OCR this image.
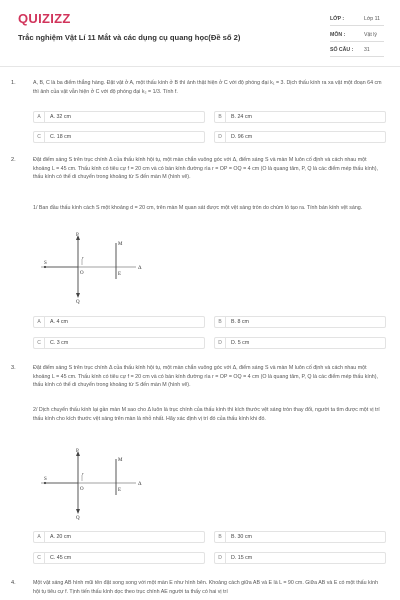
QUIZIZZ
Trắc nghiệm Vật Lí 11 Mắt và các dụng cụ quang học(Đề số 2)
LỚP :	Lớp 11
MÔN :	Vật lý
SỐ CÂU : 31
1.	A, B, C là ba điểm thẳng hàng. Đặt vật ở A, một thấu kính ở B thì ảnh thật hiện ở C với độ phóng đại k₁ = 3. Dịch thấu kính ra xa vật một đoạn 64 cm thì ảnh của vật vẫn hiện ở C với độ phóng đại k₂ = 1/3. Tính f.
A	A. 32 cm	B	B. 24 cm
C	C. 18 cm	D	D. 96 cm
2.	Đặt điểm sáng S trên trục chính Δ của thấu kính hội tụ, một màn chắn vuông góc với Δ, điểm sáng S và màn M luôn cố định và cách nhau một khoảng L = 45 cm. Thấu kính có tiêu cự f = 20 cm và có bán kính đường rìa r = OP = OQ = 4 cm (O là quang tâm, P, Q là các điểm mép thấu kính), thấu kính có thể di chuyển trong khoảng từ S đến màn M (hình vẽ).
1/ Ban đầu thấu kính cách S một khoảng d = 20 cm, trên màn M quan sát được một vệt sáng tròn do chùm ló tạo ra. Tính bán kính vệt sáng.
P
Q
O
S
M
E
r
Δ
A	A. 4 cm	B	B. 8 cm
C	C. 3 cm	D	D. 5 cm
3.	Đặt điểm sáng S trên trục chính Δ của thấu kính hội tụ, một màn chắn vuông góc với Δ, điểm sáng S và màn M luôn cố định và cách nhau một khoảng L = 45 cm. Thấu kính có tiêu cự f = 20 cm và có bán kính đường rìa r = OP = OQ = 4 cm (O là quang tâm, P, Q là các điểm mép thấu kính), thấu kính có thể di chuyển trong khoảng từ S đến màn M (hình vẽ).
2/ Dịch chuyển thấu kính lại gần màn M sao cho Δ luôn là trục chính của thấu kính thì kích thước vệt sáng tròn thay đổi, người ta tìm được một vị trí thấu kính cho kích thước vệt sáng trên màn là nhỏ nhất. Hãy xác định vị trí đó của thấu kính khi đó.
P
Q
O
S
M
E
r
Δ
A	A. 20 cm	B	B. 30 cm
C	C. 45 cm	D	D. 15 cm
4.	Một vật sáng AB hình mũi tên đặt song song với một màn E như hình bên. Khoảng cách giữa AB và E là L = 90 cm. Giữa AB và E có một thấu kính hội tụ tiêu cự f. Tịnh tiến thấu kính dọc theo trục chính AE người ta thấy có hai vị trí
